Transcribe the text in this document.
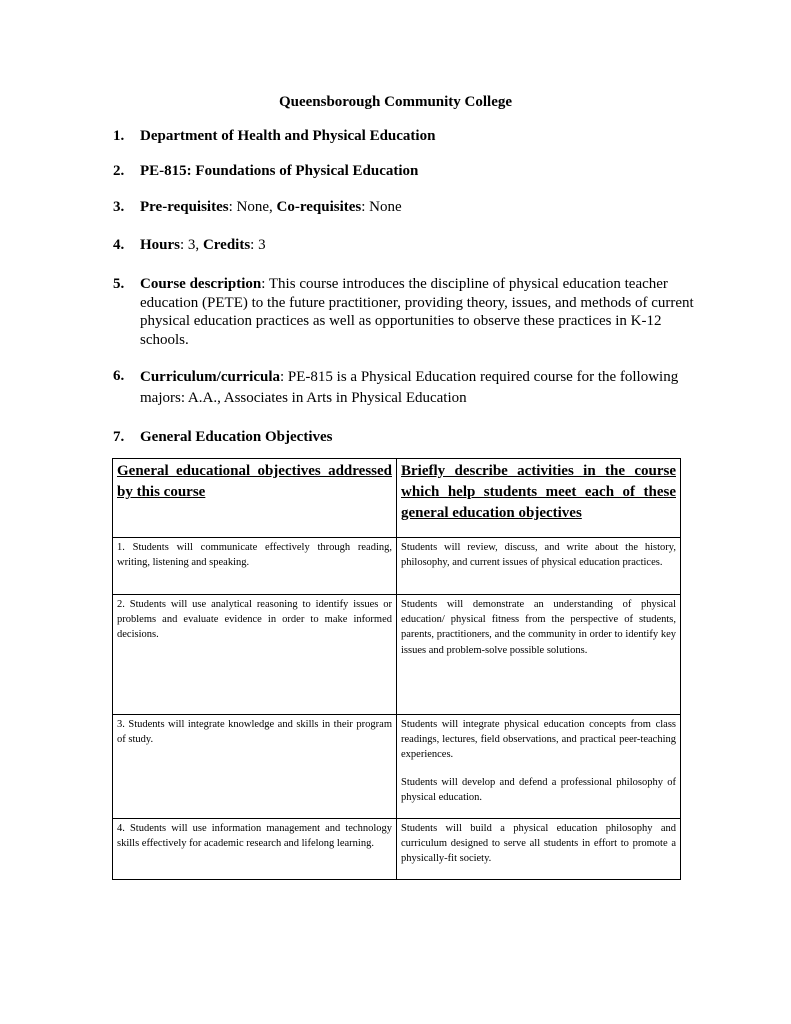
Queensborough Community College
1. Department of Health and Physical Education
2. PE-815: Foundations of Physical Education
3. Pre-requisites: None, Co-requisites: None
4. Hours: 3, Credits: 3
5. Course description: This course introduces the discipline of physical education teacher education (PETE) to the future practitioner, providing theory, issues, and methods of current physical education practices as well as opportunities to observe these practices in K-12 schools.
6. Curriculum/curricula: PE-815 is a Physical Education required course for the following majors: A.A., Associates in Arts in Physical Education
7. General Education Objectives
General educational objectives addressed by this course	Briefly describe activities in the course which help students meet each of these general education objectives
1. Students will communicate effectively through reading, writing, listening and speaking.	Students will review, discuss, and write about the history, philosophy, and current issues of physical education practices.

2. Students will use analytical reasoning to identify issues or problems and evaluate evidence in order to make informed decisions.	Students will demonstrate an understanding of physical education/ physical fitness from the perspective of students, parents, practitioners, and the community in order to identify key issues and problem-solve possible solutions.

3. Students will integrate knowledge and skills in their program of study.	Students will integrate physical education concepts from class readings, lectures, field observations, and practical peer-teaching experiences.

Students will develop and defend a professional philosophy of physical education.

4. Students will use information management and technology skills effectively for academic research and lifelong learning.	Students will build a physical education philosophy and curriculum designed to serve all students in effort to promote a physically-fit society.
